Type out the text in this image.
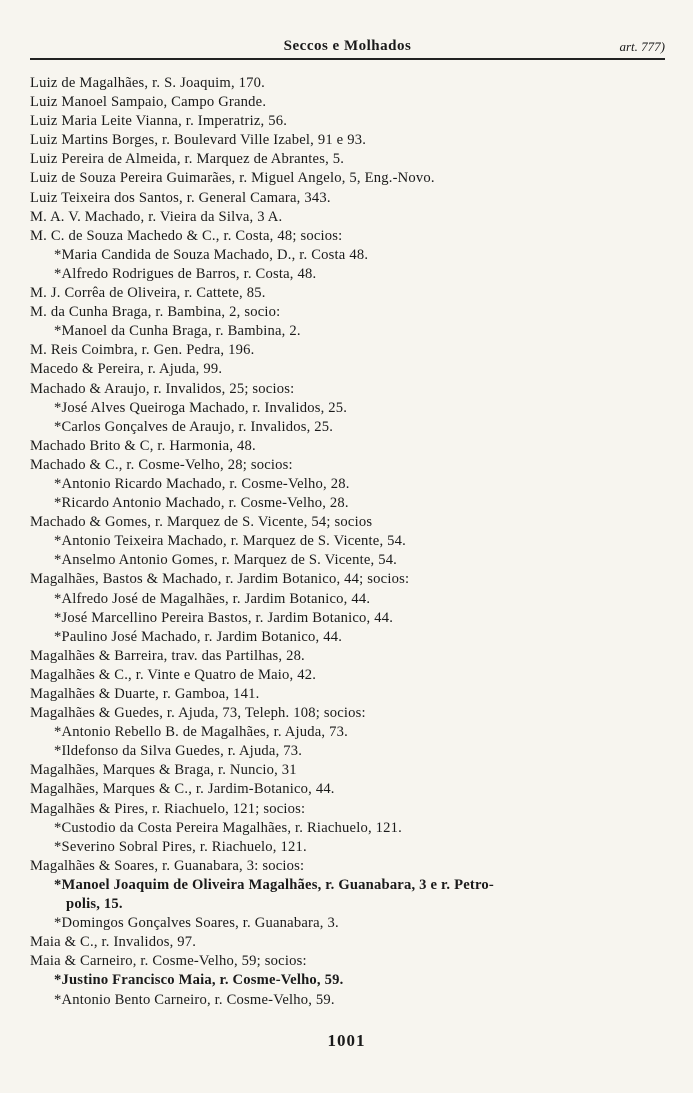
Seccos e Molhados	art. 777)
Luiz de Magalhães, r. S. Joaquim, 170.
Luiz Manoel Sampaio, Campo Grande.
Luiz Maria Leite Vianna, r. Imperatriz, 56.
Luiz Martins Borges, r. Boulevard Ville Izabel, 91 e 93.
Luiz Pereira de Almeida, r. Marquez de Abrantes, 5.
Luiz de Souza Pereira Guimarães, r. Miguel Angelo, 5, Eng.-Novo.
Luiz Teixeira dos Santos, r. General Camara, 343.
M. A. V. Machado, r. Vieira da Silva, 3 A.
M. C. de Souza Machedo & C., r. Costa, 48; socios:
*Maria Candida de Souza Machado, D., r. Costa 48.
*Alfredo Rodrigues de Barros, r. Costa, 48.
M. J. Corrêa de Oliveira, r. Cattete, 85.
M. da Cunha Braga, r. Bambina, 2, socio:
*Manoel da Cunha Braga, r. Bambina, 2.
M. Reis Coimbra, r. Gen. Pedra, 196.
Macedo & Pereira, r. Ajuda, 99.
Machado & Araujo, r. Invalidos, 25; socios:
*José Alves Queiroga Machado, r. Invalidos, 25.
*Carlos Gonçalves de Araujo, r. Invalidos, 25.
Machado Brito & C, r. Harmonia, 48.
Machado & C., r. Cosme-Velho, 28; socios:
*Antonio Ricardo Machado, r. Cosme-Velho, 28.
*Ricardo Antonio Machado, r. Cosme-Velho, 28.
Machado & Gomes, r. Marquez de S. Vicente, 54; socios
*Antonio Teixeira Machado, r. Marquez de S. Vicente, 54.
*Anselmo Antonio Gomes, r. Marquez de S. Vicente, 54.
Magalhães, Bastos & Machado, r. Jardim Botanico, 44; socios:
*Alfredo José de Magalhães, r. Jardim Botanico, 44.
*José Marcellino Pereira Bastos, r. Jardim Botanico, 44.
*Paulino José Machado, r. Jardim Botanico, 44.
Magalhães & Barreira, trav. das Partilhas, 28.
Magalhães & C., r. Vinte e Quatro de Maio, 42.
Magalhães & Duarte, r. Gamboa, 141.
Magalhães & Guedes, r. Ajuda, 73, Teleph. 108; socios:
*Antonio Rebello B. de Magalhães, r. Ajuda, 73.
*Ildefonso da Silva Guedes, r. Ajuda, 73.
Magalhães, Marques & Braga, r. Nuncio, 31
Magalhães, Marques & C., r. Jardim-Botanico, 44.
Magalhães & Pires, r. Riachuelo, 121; socios:
*Custodio da Costa Pereira Magalhães, r. Riachuelo, 121.
*Severino Sobral Pires, r. Riachuelo, 121.
Magalhães & Soares, r. Guanabara, 3: socios:
*Manoel Joaquim de Oliveira Magalhães, r. Guanabara, 3 e r. Petro-
polis, 15.
*Domingos Gonçalves Soares, r. Guanabara, 3.
Maia & C., r. Invalidos, 97.
Maia & Carneiro, r. Cosme-Velho, 59; socios:
*Justino Francisco Maia, r. Cosme-Velho, 59.
*Antonio Bento Carneiro, r. Cosme-Velho, 59.
1001
